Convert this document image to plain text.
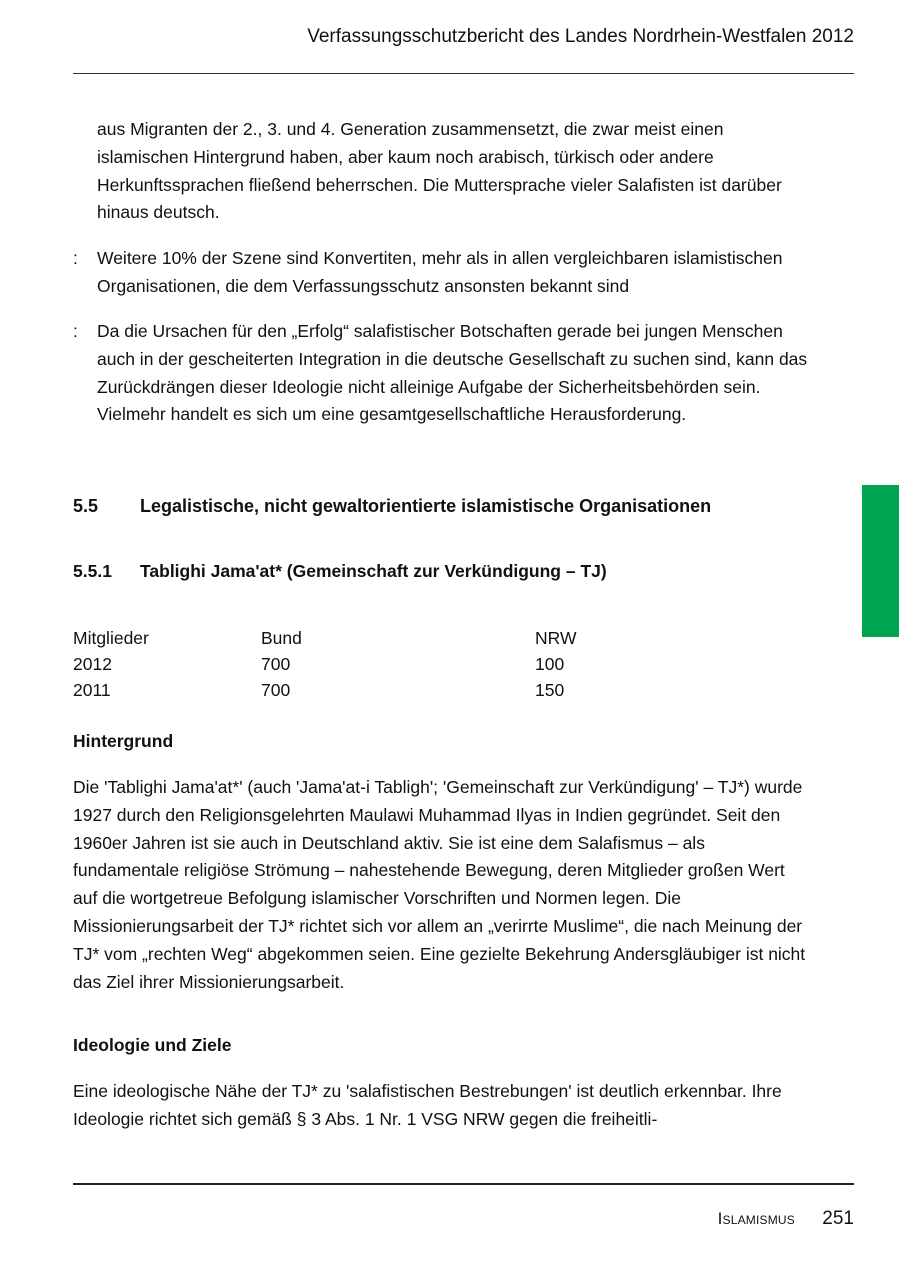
Verfassungsschutzbericht des Landes Nordrhein-Westfalen 2012
aus Migranten der 2., 3. und 4. Generation zusammensetzt, die zwar meist einen islamischen Hintergrund haben, aber kaum noch arabisch, türkisch oder andere Herkunftssprachen fließend beherrschen. Die Muttersprache vieler Salafisten ist darüber hinaus deutsch.
: Weitere 10% der Szene sind Konvertiten, mehr als in allen vergleichbaren islamistischen Organisationen, die dem Verfassungsschutz ansonsten bekannt sind
: Da die Ursachen für den „Erfolg“ salafistischer Botschaften gerade bei jungen Menschen auch in der gescheiterten Integration in die deutsche Gesellschaft zu suchen sind, kann das Zurückdrängen dieser Ideologie nicht alleinige Aufgabe der Sicherheitsbehörden sein. Vielmehr handelt es sich um eine gesamtgesellschaftliche Herausforderung.
5.5 Legalistische, nicht gewaltorientierte islamistische Organisationen
5.5.1 Tablighi Jama'at* (Gemeinschaft zur Verkündigung – TJ)
Mitglieder	Bund	NRW
2012	700	100
2011	700	150
Hintergrund
Die 'Tablighi Jama'at*' (auch 'Jama'at-i Tabligh'; 'Gemeinschaft zur Verkündigung' – TJ*) wurde 1927 durch den Religionsgelehrten Maulawi Muhammad Ilyas in Indien gegründet. Seit den 1960er Jahren ist sie auch in Deutschland aktiv. Sie ist eine dem Salafismus – als fundamentale religiöse Strömung – nahestehende Bewegung, deren Mitglieder großen Wert auf die wortgetreue Befolgung islamischer Vorschriften und Normen legen. Die Missionierungsarbeit der TJ* richtet sich vor allem an „verirrte Muslime“, die nach Meinung der TJ* vom „rechten Weg“ abgekommen seien. Eine gezielte Bekehrung Andersgläubiger ist nicht das Ziel ihrer Missionierungsarbeit.
Ideologie und Ziele
Eine ideologische Nähe der TJ* zu 'salafistischen Bestrebungen' ist deutlich erkennbar. Ihre Ideologie richtet sich gemäß § 3 Abs. 1 Nr. 1 VSG NRW gegen die freiheitli-
Islamismus 251
